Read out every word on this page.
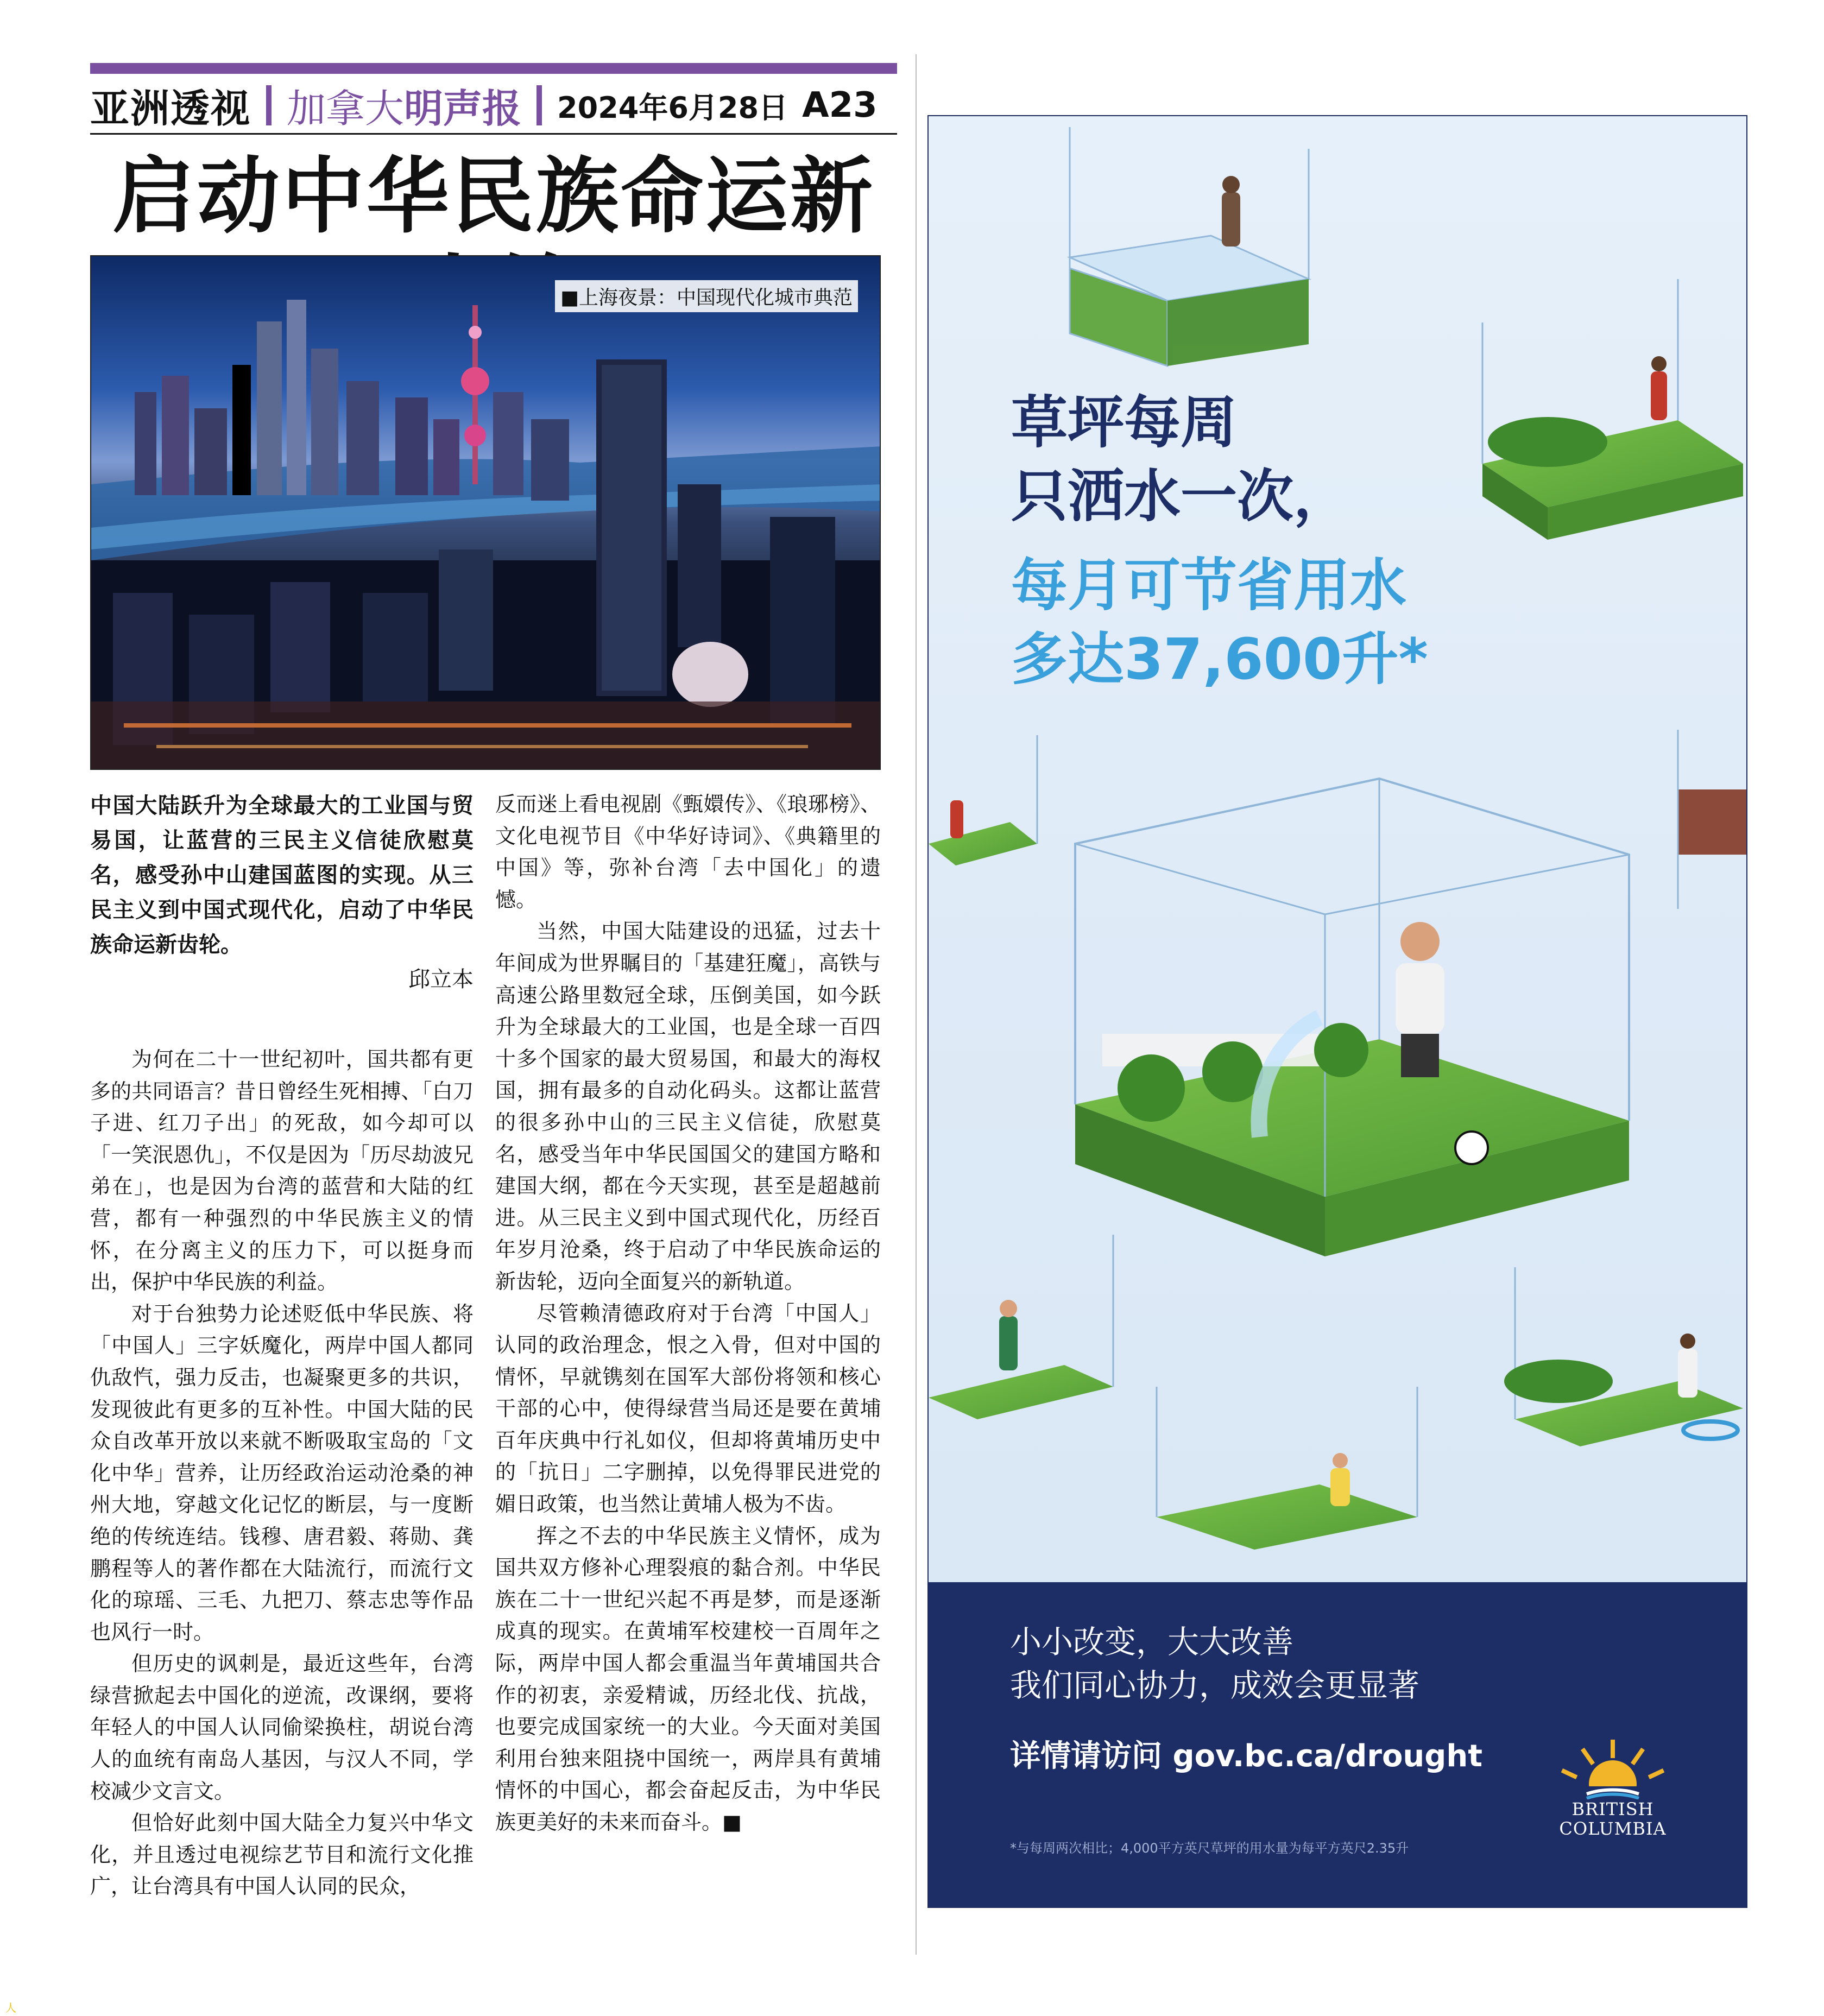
亚洲透视 加拿大 明声报 2024年6月28日 A23
启动中华民族命运新
■上海夜景：中国现代化城市典范
中国大陆跃升为全球最大的工业国与贸易国，让蓝营的三民主义信徒欣慰莫名，感受孙中山建国蓝图的实现。从三民主义到中国式现代化，启动了中华民族命运新齿轮。
邱立本

为何在二十一世纪初叶，国共都有更多的共同语言？昔日曾经生死相搏、「白刀子进、红刀子出」的死敌，如今却可以「一笑泯恩仇」，不仅是因为「历尽劫波兄弟在」，也是因为台湾的蓝营和大陆的红营，都有一种强烈的中华民族主义的情怀，在分离主义的压力下，可以挺身而出，保护中华民族的利益。

对于台独势力论述贬低中华民族、将「中国人」三字妖魔化，两岸中国人都同仇敌忾，强力反击，也凝聚更多的共识，发现彼此有更多的互补性。中国大陆的民众自改革开放以来就不断吸取宝岛的「文化中华」营养，让历经政治运动沧桑的神州大地，穿越文化记忆的断层，与一度断绝的传统连结。钱穆、唐君毅、蒋勋、龚鹏程等人的著作都在大陆流行，而流行文化的琼瑶、三毛、九把刀、蔡志忠等作品也风行一时。

但历史的讽刺是，最近这些年，台湾绿营掀起去中国化的逆流，改课纲，要将年轻人的中国人认同偷梁换柱，胡说台湾人的血统有南岛人基因，与汉人不同，学校减少文言文。

但恰好此刻中国大陆全力复兴中华文化，并且透过电视综艺节目和流行文化推广，让台湾具有中国人认同的民众，

反而迷上看电视剧《甄嬛传》、《琅琊榜》、文化电视节目《中华好诗词》、《典籍里的中国》等，弥补台湾「去中国化」的遗憾。

当然，中国大陆建设的迅猛，过去十年间成为世界瞩目的「基建狂魔」，高铁与高速公路里数冠全球，压倒美国，如今跃升为全球最大的工业国，也是全球一百四十多个国家的最大贸易国，和最大的海权国，拥有最多的自动化码头。这都让蓝营的很多孙中山的三民主义信徒，欣慰莫名，感受当年中华民国国父的建国方略和建国大纲，都在今天实现，甚至是超越前进。从三民主义到中国式现代化，历经百年岁月沧桑，终于启动了中华民族命运的新齿轮，迈向全面复兴的新轨道。

尽管赖清德政府对于台湾「中国人」认同的政治理念，恨之入骨，但对中国的情怀，早就镌刻在国军大部份将领和核心干部的心中，使得绿营当局还是要在黄埔百年庆典中行礼如仪，但却将黄埔历史中的「抗日」二字删掉，以免得罪民进党的媚日政策，也当然让黄埔人极为不齿。

挥之不去的中华民族主义情怀，成为国共双方修补心理裂痕的黏合剂。中华民族在二十一世纪兴起不再是梦，而是逐渐成真的现实。在黄埔军校建校一百周年之际，两岸中国人都会重温当年黄埔国共合作的初衷，亲爱精诚，历经北伐、抗战，也要完成国家统一的大业。今天面对美国利用台独来阻挠中国统一，两岸具有黄埔情怀的中国心，都会奋起反击，为中华民族更美好的未来而奋斗。■

草坪每周
只洒水一次，
每月可节省用水
多达37,600升*
小小改变，大大改善
我们同心协力，成效会更显著
详情请访问 gov.bc.ca/drought
*与每周两次相比；4,000平方英尺草坪的用水量为每平方英尺2.35升
BRITISH
COLUMBIA
人
